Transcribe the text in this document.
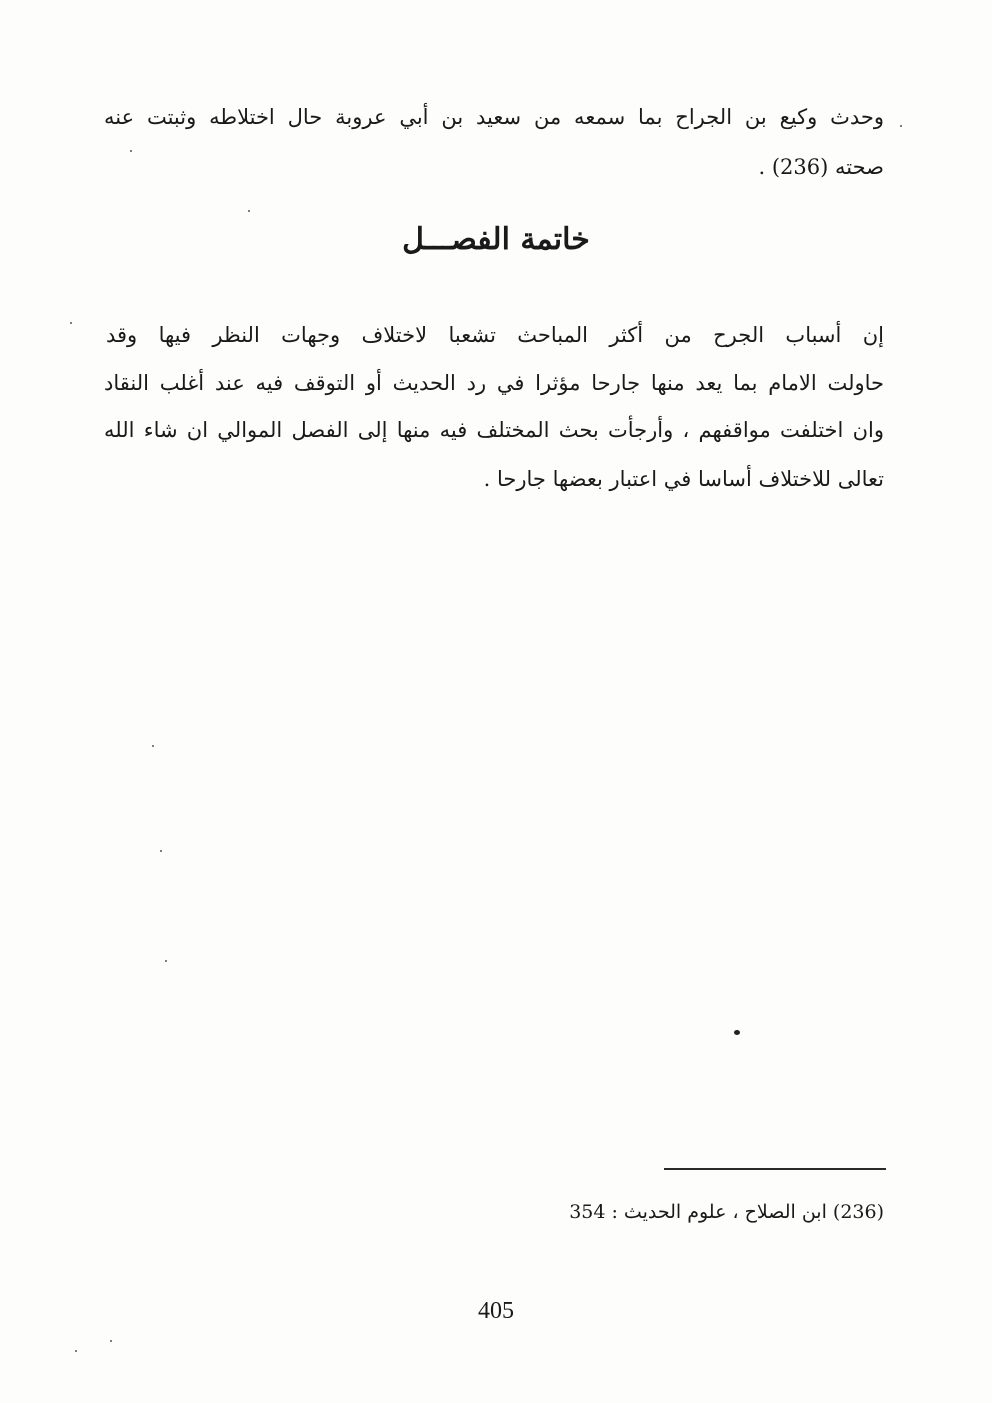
وحدث وكيع بن الجراح بما سمعه من سعيد بن أبي عروبة حال اختلاطه وثبتت عنه
صحته (236) .
خاتمة الفصـــل
إن أسباب الجرح من أكثر المباحث تشعبا لاختلاف وجهات النظر فيها وقد
حاولت الامام بما يعد منها جارحا مؤثرا في رد الحديث أو التوقف فيه عند أغلب النقاد
وان اختلفت مواقفهم ، وأرجأت بحث المختلف فيه منها إلى الفصل الموالي ان شاء الله
تعالى للاختلاف أساسا في اعتبار بعضها جارحا .
(236) ابن الصلاح ، علوم الحديث : 354
405
